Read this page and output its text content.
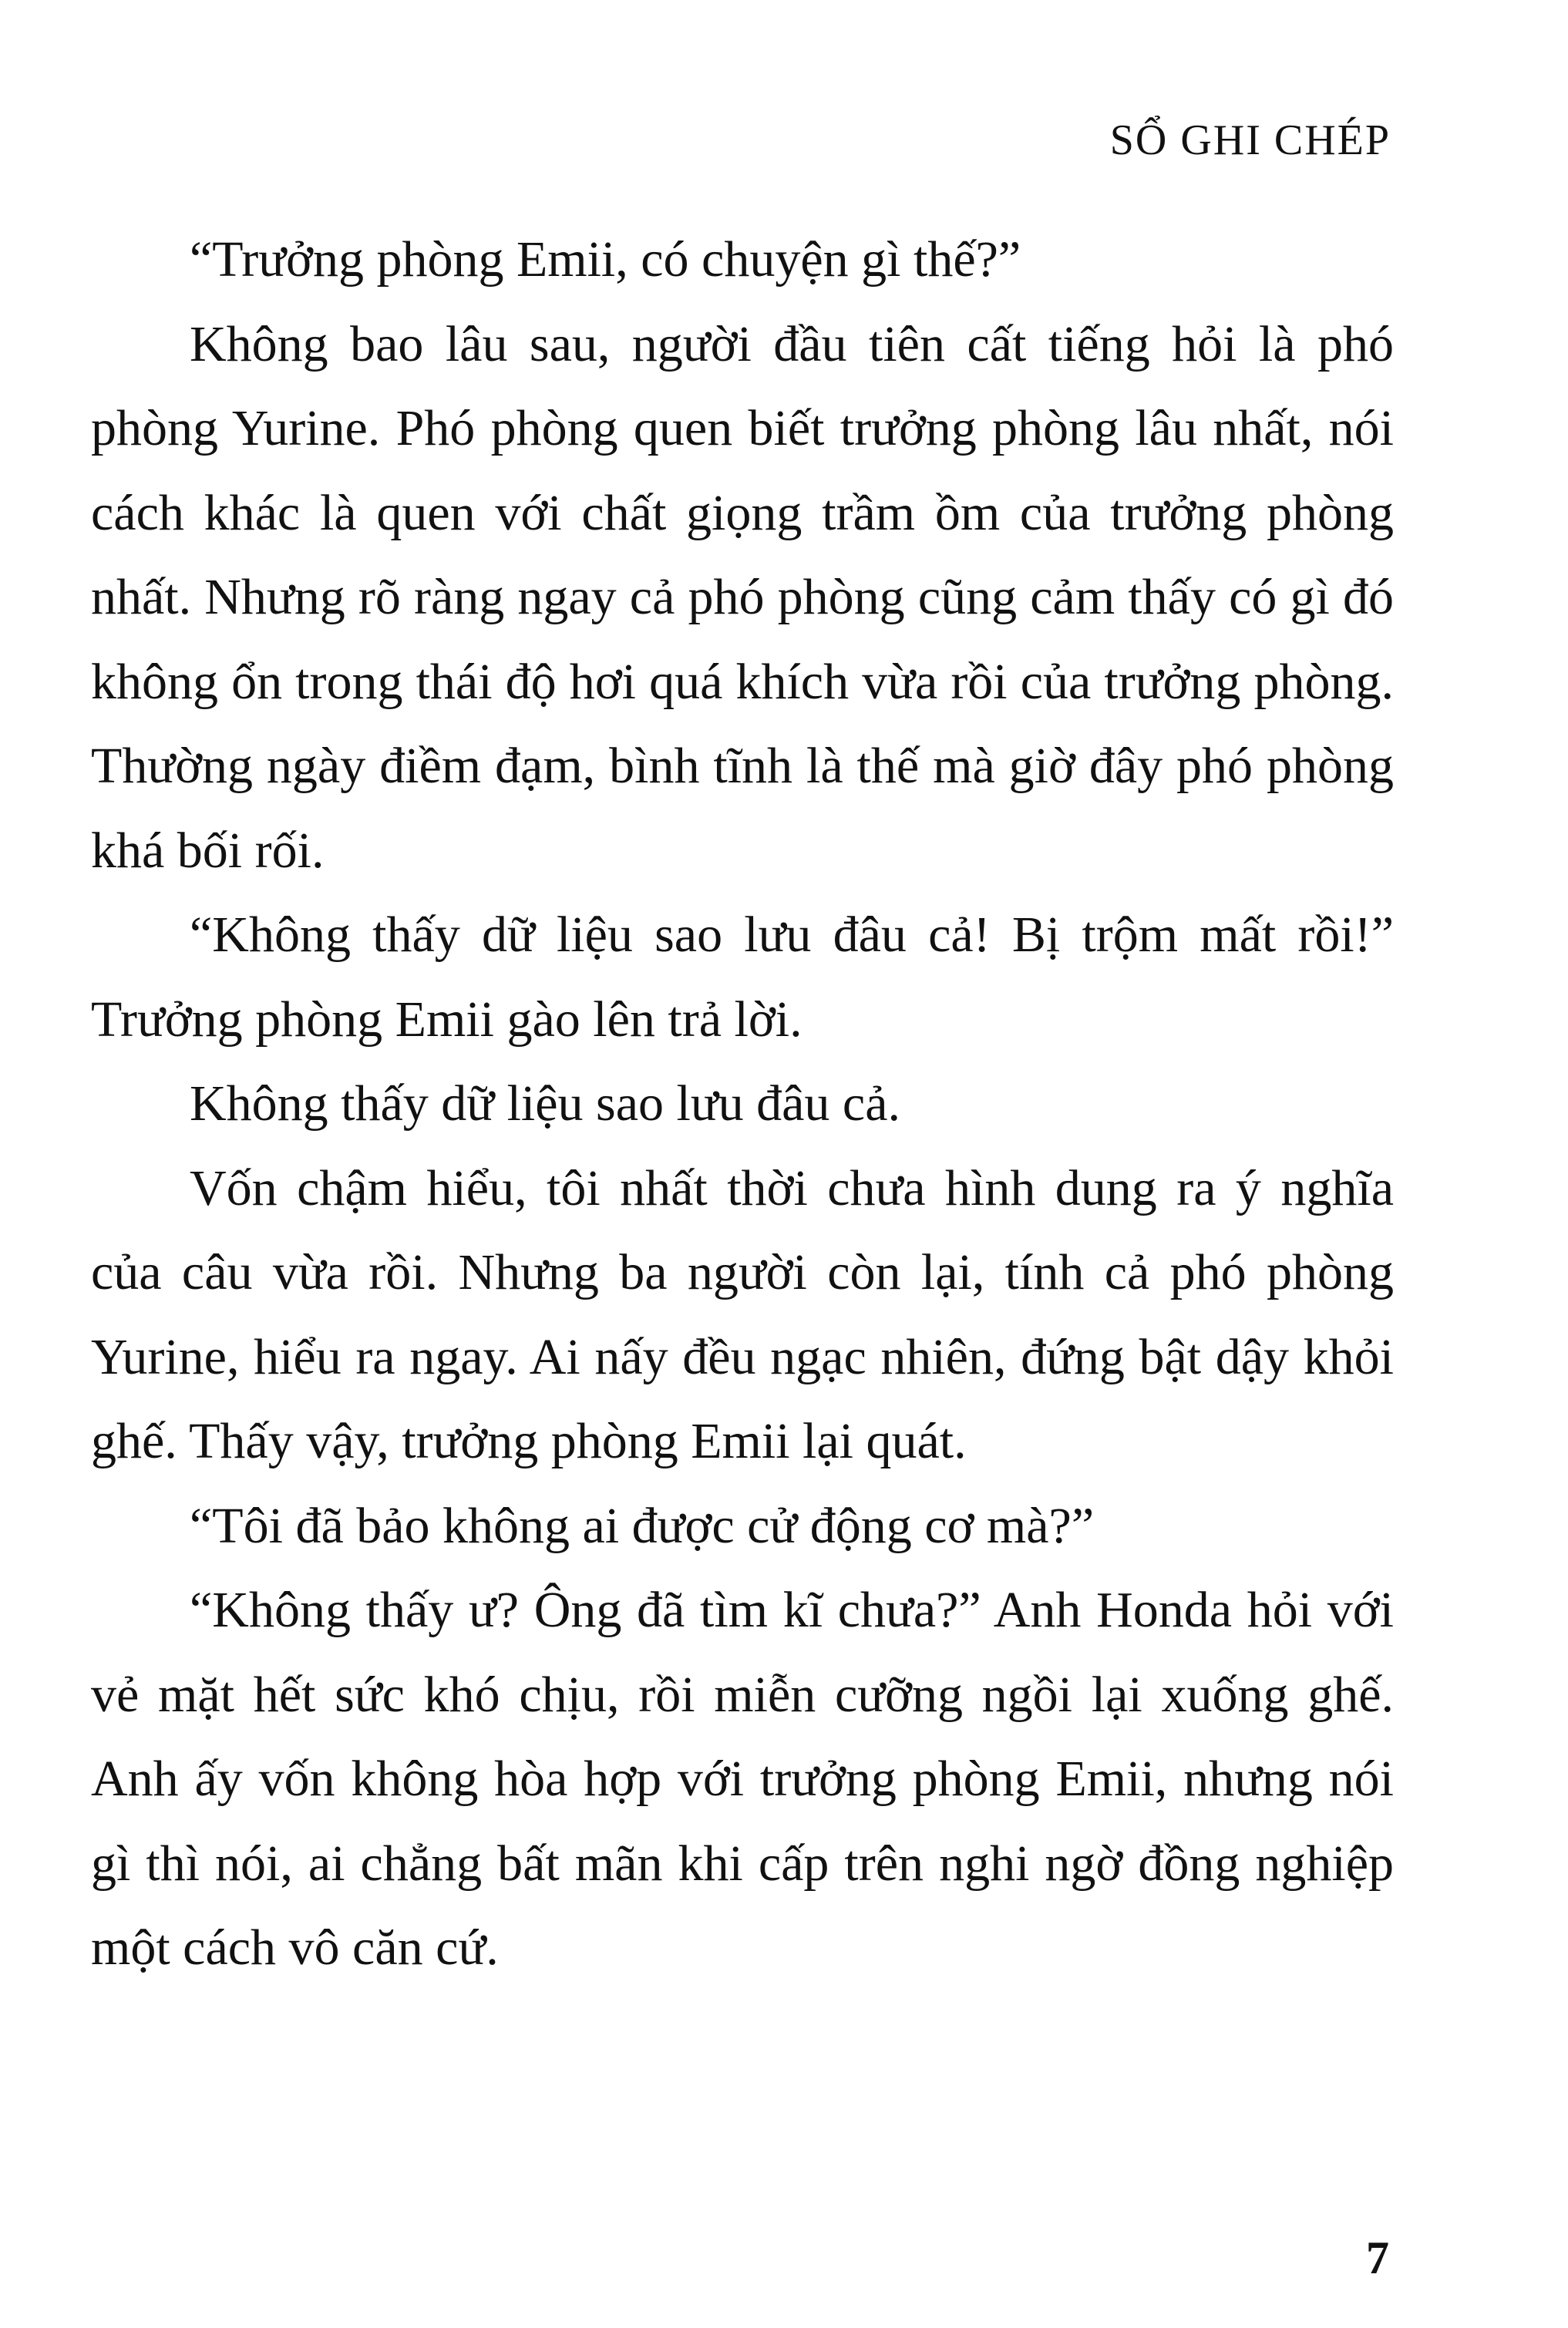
SỔ GHI CHÉP

“Trưởng phòng Emii, có chuyện gì thế?”

Không bao lâu sau, người đầu tiên cất tiếng hỏi là phó phòng Yurine. Phó phòng quen biết trưởng phòng lâu nhất, nói cách khác là quen với chất giọng trầm ồm của trưởng phòng nhất. Nhưng rõ ràng ngay cả phó phòng cũng cảm thấy có gì đó không ổn trong thái độ hơi quá khích vừa rồi của trưởng phòng. Thường ngày điềm đạm, bình tĩnh là thế mà giờ đây phó phòng khá bối rối.

“Không thấy dữ liệu sao lưu đâu cả! Bị trộm mất rồi!” Trưởng phòng Emii gào lên trả lời.

Không thấy dữ liệu sao lưu đâu cả.

Vốn chậm hiểu, tôi nhất thời chưa hình dung ra ý nghĩa của câu vừa rồi. Nhưng ba người còn lại, tính cả phó phòng Yurine, hiểu ra ngay. Ai nấy đều ngạc nhiên, đứng bật dậy khỏi ghế. Thấy vậy, trưởng phòng Emii lại quát.

“Tôi đã bảo không ai được cử động cơ mà?”

“Không thấy ư? Ông đã tìm kĩ chưa?” Anh Honda hỏi với vẻ mặt hết sức khó chịu, rồi miễn cưỡng ngồi lại xuống ghế. Anh ấy vốn không hòa hợp với trưởng phòng Emii, nhưng nói gì thì nói, ai chẳng bất mãn khi cấp trên nghi ngờ đồng nghiệp một cách vô căn cứ.

7
